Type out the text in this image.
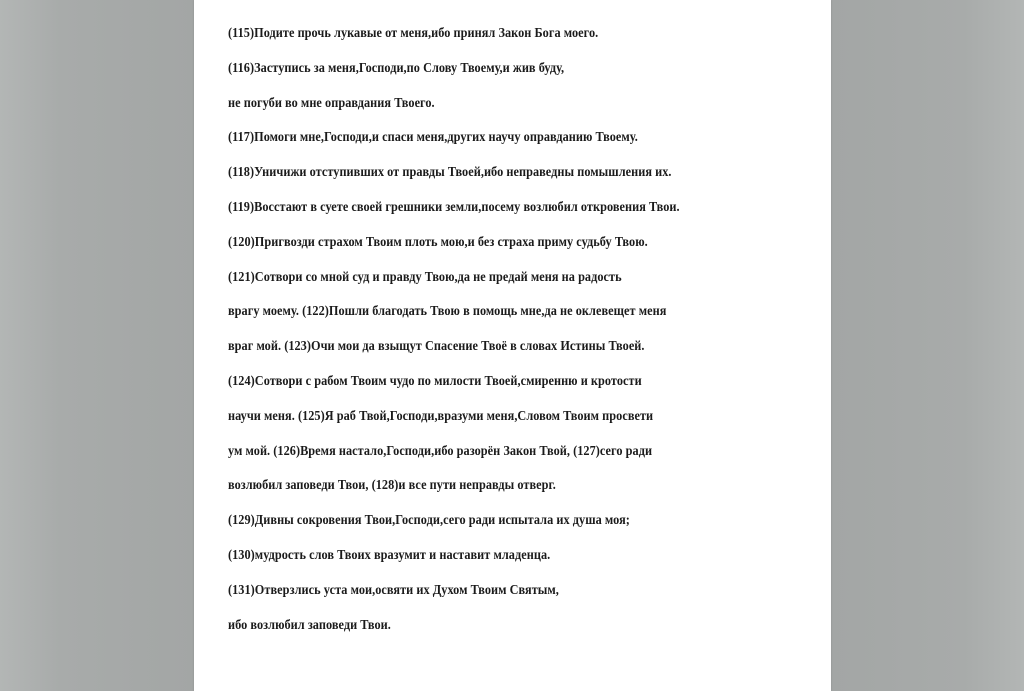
(115)Подите прочь лукавые от меня,ибо принял Закон Бога моего.
(116)Заступись за меня,Господи,по Слову Твоему,и жив буду,
не погуби во мне оправдания Твоего.
(117)Помоги мне,Господи,и спаси меня,других научу оправданию Твоему.
(118)Уничижи отступивших от правды Твоей,ибо неправедны помышления их.
(119)Восстают в суете своей грешники земли,посему возлюбил откровения Твои.
(120)Пригвозди страхом Твоим плоть мою,и без страха приму судьбу Твою.
(121)Сотвори со мной суд и правду Твою,да не предай меня на радость
врагу моему. (122)Пошли благодать Твою в помощь мне,да не оклевещет меня
враг мой. (123)Очи мои да взыщут Спасение Твоё в словах Истины Твоей.
(124)Сотвори с рабом Твоим чудо по милости Твоей,смиренню и кротости
научи меня. (125)Я раб Твой,Господи,вразуми меня,Словом Твоим просвети
ум мой. (126)Время настало,Господи,ибо разорён Закон Твой, (127)сего ради
возлюбил заповеди Твои, (128)и все пути неправды отверг.
(129)Дивны сокровения Твои,Господи,сего ради испытала их душа моя;
(130)мудрость слов Твоих вразумит и наставит младенца.
(131)Отверзлись уста мои,освяти их Духом Твоим Святым,
ибо возлюбил заповеди Твои.
